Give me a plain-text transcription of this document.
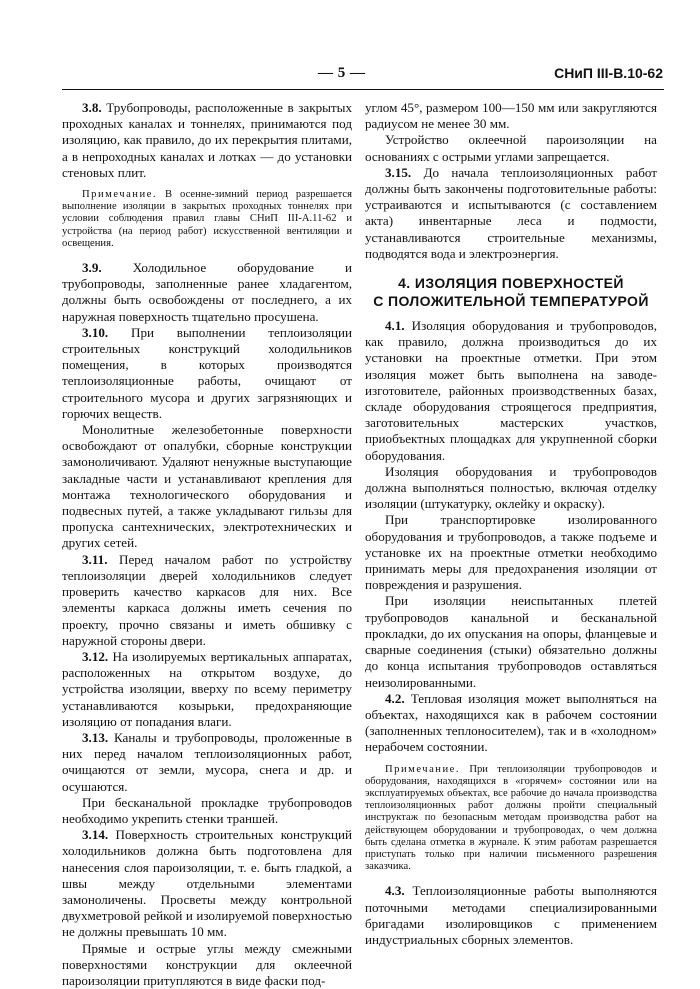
— 5 —	СНиП III-В.10-62

3.8. Трубопроводы, расположенные в закрытых проходных каналах и тоннелях, принимаются под изоляцию, как правило, до их перекрытия плитами, а в непроходных каналах и лотках — до установки стеновых плит.

Примечание. В осенне-зимний период разрешается выполнение изоляции в закрытых проходных тоннелях при условии соблюдения правил главы СНиП III-А.11-62 и устройства (на период работ) искусственной вентиляции и освещения.

3.9. Холодильное оборудование и трубопроводы, заполненные ранее хладагентом, должны быть освобождены от последнего, а их наружная поверхность тщательно просушена.

3.10. При выполнении теплоизоляции строительных конструкций холодильников помещения, в которых производятся теплоизоляционные работы, очищают от строительного мусора и других загрязняющих и горючих веществ.

Монолитные железобетонные поверхности освобождают от опалубки, сборные конструкции замоноличивают. Удаляют ненужные выступающие закладные части и устанавливают крепления для монтажа технологического оборудования и подвесных путей, а также укладывают гильзы для пропуска сантехнических, электротехнических и других сетей.

3.11. Перед началом работ по устройству теплоизоляции дверей холодильников следует проверить качество каркасов для них. Все элементы каркаса должны иметь сечения по проекту, прочно связаны и иметь обшивку с наружной стороны двери.

3.12. На изолируемых вертикальных аппаратах, расположенных на открытом воздухе, до устройства изоляции, вверху по всему периметру устанавливаются козырьки, предохраняющие изоляцию от попадания влаги.

3.13. Каналы и трубопроводы, проложенные в них перед началом теплоизоляционных работ, очищаются от земли, мусора, снега и др. и осушаются.

При бесканальной прокладке трубопроводов необходимо укрепить стенки траншей.

3.14. Поверхность строительных конструкций холодильников должна быть подготовлена для нанесения слоя пароизоляции, т. е. быть гладкой, а швы между отдельными элементами замоноличены. Просветы между контрольной двухметровой рейкой и изолируемой поверхностью не должны превышать 10 мм.

Прямые и острые углы между смежными поверхностями конструкции для оклеечной пароизоляции притупляются в виде фаски под-

углом 45°, размером 100—150 мм или закругляются радиусом не менее 30 мм.

Устройство оклеечной пароизоляции на основаниях с острыми углами запрещается.

3.15. До начала теплоизоляционных работ должны быть закончены подготовительные работы: устраиваются и испытываются (с составлением акта) инвентарные леса и подмости, устанавливаются строительные механизмы, подводятся вода и электроэнергия.

4. ИЗОЛЯЦИЯ ПОВЕРХНОСТЕЙ
С ПОЛОЖИТЕЛЬНОЙ ТЕМПЕРАТУРОЙ

4.1. Изоляция оборудования и трубопроводов, как правило, должна производиться до их установки на проектные отметки. При этом изоляция может быть выполнена на заводе-изготовителе, районных производственных базах, складе оборудования строящегося предприятия, заготовительных мастерских участков, приобъектных площадках для укрупненной сборки оборудования.

Изоляция оборудования и трубопроводов должна выполняться полностью, включая отделку изоляции (штукатурку, оклейку и окраску).

При транспортировке изолированного оборудования и трубопроводов, а также подъеме и установке их на проектные отметки необходимо принимать меры для предохранения изоляции от повреждения и разрушения.

При изоляции неиспытанных плетей трубопроводов канальной и бесканальной прокладки, до их опускания на опоры, фланцевые и сварные соединения (стыки) обязательно должны до конца испытания трубопроводов оставляться неизолированными.

4.2. Тепловая изоляция может выполняться на объектах, находящихся как в рабочем состоянии (заполненных теплоносителем), так и в «холодном» нерабочем состоянии.

Примечание. При теплоизоляции трубопроводов и оборудования, находящихся в «горячем» состоянии или на эксплуатируемых объектах, все рабочие до начала производства теплоизоляционных работ должны пройти специальный инструктаж по безопасным методам производства работ на действующем оборудовании и трубопроводах, о чем должна быть сделана отметка в журнале. К этим работам разрешается приступать только при наличии письменного разрешения заказчика.

4.3. Теплоизоляционные работы выполняются поточными методами специализированными бригадами изолировщиков с применением индустриальных сборных элементов.
